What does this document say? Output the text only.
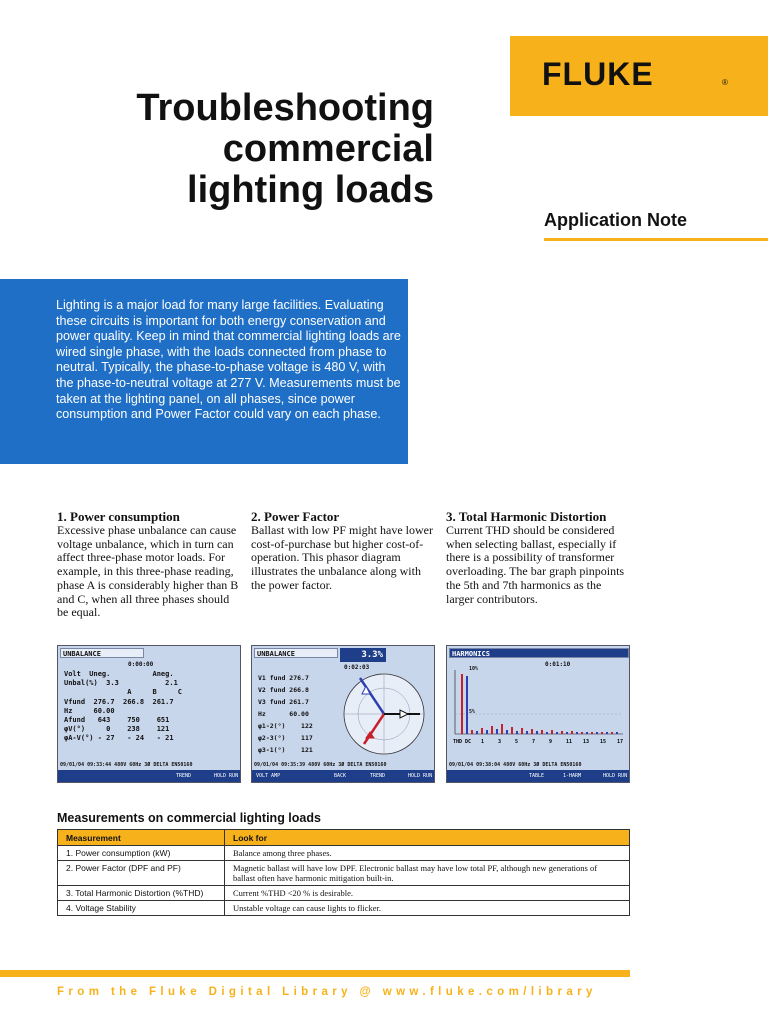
FLUKE	®
Troubleshooting
commercial
lighting loads
Application Note
Lighting is a major load for many large facilities. Evaluating these circuits is important for both energy conservation and power quality. Keep in mind that commercial lighting loads are wired single phase, with the loads connected from phase to neutral. Typically, the phase-to-phase voltage is 480 V, with the phase-to-neutral voltage at 277 V. Measurements must be taken at the lighting panel, on all phases, since power consumption and Power Factor could vary on each phase.
1. Power consumption

Excessive phase unbalance can cause voltage unbalance, which in turn can affect three-phase motor loads. For example, in this three-phase reading, phase A is considerably higher than B and C, when all three phases should be equal.

2. Power Factor

Ballast with low PF might have lower cost-of-purchase but higher cost-of-operation. This phasor diagram illustrates the unbalance along with the power factor.

3. Total Harmonic Distortion

Current THD should be considered when selecting ballast, especially if there is a possibility of transformer overloading. The bar graph pinpoints the 5th and 7th harmonics as the larger contributors.

UNBALANCE
0:00:00
Volt  Uneg.          Aneg.
Unbal(%)  3.3           2.1
A     B     C
Vfund  276.7  266.8  261.7
Hz     60.00
Afund   643    750    651
φV(°)     0    238    121
φA-V(°) - 27   - 24   - 21
09/01/04 09:33:44 480V 60Hz 3Ø DELTA EN50160
TREND	HOLD RUN
UNBALANCE	3.3%
0:02:03
V1 fund 276.7
V2 fund 266.8
V3 fund 261.7
Hz      60.00
φ1-2(°)    122
φ2-3(°)    117
φ3-1(°)    121
09/01/04 09:35:39 480V 60Hz 3Ø DELTA EN50160
VOLT AMP	BACK	TREND	HOLD RUN
HARMONICS
0:01:10
10%
5%
THD DC 1	3	5	7	9	11 13 15 17
09/01/04 09:38:04 480V 60Hz 3Ø DELTA EN50160
TABLE	1-HARM	HOLD RUN
Measurements on commercial lighting loads
Measurement	Look for
1. Power consumption (kW)	Balance among three phases.
2. Power Factor (DPF and PF)	Magnetic ballast will have low DPF. Electronic ballast may have low total PF, although new generations of ballast often have harmonic mitigation built-in.
3. Total Harmonic Distortion (%THD)	Current %THD <20 % is desirable.
4. Voltage Stability	Unstable voltage can cause lights to flicker.
From the Fluke Digital Library @ www.fluke.com/library
